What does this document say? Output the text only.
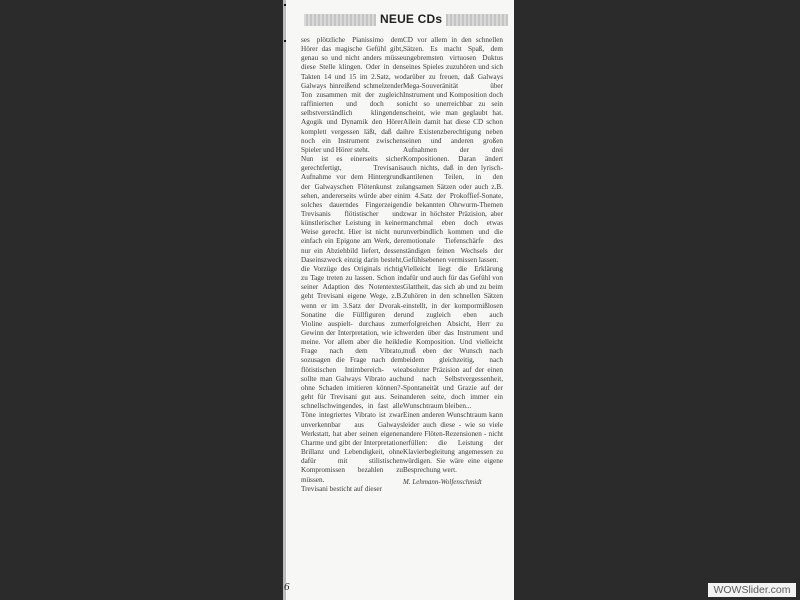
NEUE CDs

ses plötzliche Pianissimo dem Hörer das magische Gefühl gibt, genau so und nicht anders müsse diese Stelle klingen. Oder in den Takten 14 und 15 im 2.Satz, wo Galways hinreißend schmelzender Ton zusammen mit der zugleich raffinierten und doch so selbstverständlich klingenden Agogik und Dynamik den Hörer komplett vergessen läßt, daß da noch ein Instrument zwischen Spieler und Hörer steht.

Nun ist es einerseits sicher gerechtfertigt, Trevisanis Aufnahme vor dem Hintergrund der Galwayschen Flötenkunst zu sehen, andererseits würde aber ein solches dauerndes Fingerzeigen Trevisanis flötistischer und künstlerischer Leistung in keiner Weise gerecht. Hier ist nicht nur einfach ein Epigone am Werk, der nur ein Abziehbild liefert, dessen Daseinszweck einzig darin besteht, die Vorzüge des Originals richtig zu Tage treten zu lassen. Schon in seiner Adaption des Notentextes geht Trevisani eigene Wege, z.B. wenn er im 3.Satz der Dvorak-Sonatine die Füllfiguren der Violine auspielt- durchaus zum Gewinn der Interpretation, wie ich meine. Vor allem aber die heikle Frage nach dem Vibrato, sozusagen die Frage nach dem flötistischen Intimbereich- wie sollte man Galways Vibrato auch ohne Schaden imitieren können?- geht für Trevisani gut aus. Sein schnellschwingendes, in fast alle Töne integriertes Vibrato ist zwar unverkennbar aus Galways Werkstatt, hat aber seinen eigenen Charme und gibt der Interpretation Brillanz und Lebendigkeit, ohne dafür mit stilistischen Kompromissen bezahlen zu müssen.

Trevisani besticht auf dieser

CD vor allem in den schnellen Sätzen. Es macht Spaß, dem ungebremsten virtuosen Duktus seines Spieles zuzuhören und sich darüber zu freuen, daß Galways Mega-Souveränität über Instrument und Komposition doch nicht so unerreichbar zu sein scheint, wie man geglaubt hat. Allein damit hat diese CD schon ihre Existenzberechtigung neben seinen und anderen großen Aufnahmen der drei Kompositionen. Daran ändert auch nichts, daß in den lyrisch-kantilenen Teilen, in den langsamen Sätzen oder auch z.B. im 4.Satz der Prokoffief-Sonate, die bekannten Ohrwurm-Themen zwar in höchster Präzision, aber manchmal eben doch etwas unverbindlich kommen und die emotionale Tiefenschärfe des ständigen feinen Wechsels der Gefühlsebenen vermissen lassen.

Vielleicht liegt die Erklärung dafür und auch für das Gefühl von Glattheit, das sich ab und zu beim Zuhören in den schnellen Sätzen einstellt, in der kompormißlosen und zugleich eben auch erfolgreichen Absicht, Herr zu werden über das Instrument und die Komposition. Und vielleicht muß eben der Wunsch nach beidem gleichzeitig, nach absoluter Präzision auf der einen und nach Selbstvergessenheit, Spontaneität und Grazie auf der anderen seite, doch immer ein Wunschtraum bleiben...

Einen anderen Wunschtraum kann leider auch diese - wie so viele andere Flöten-Rezensionen - nicht erfüllen: die Leistung der Klavierbegleitung angemessen zu würdigen. Sie wäre eine eigene Besprechung wert.

M. Lehmann-Wolfenschmidt

6	WOWSlider.com
